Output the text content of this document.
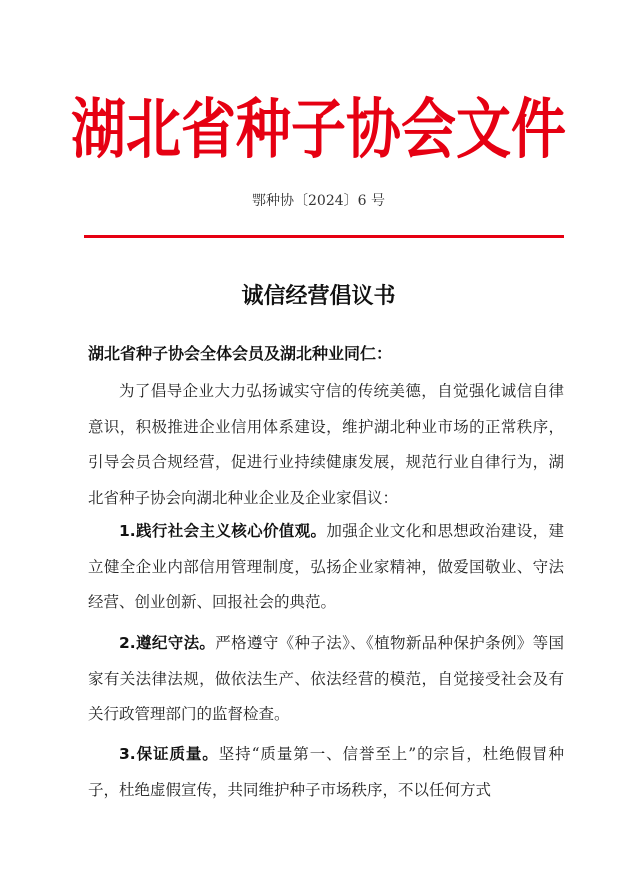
湖北省种子协会文件
鄂种协〔2024〕6 号
诚信经营倡议书
湖北省种子协会全体会员及湖北种业同仁：

为了倡导企业大力弘扬诚实守信的传统美德，自觉强化诚信自律意识，积极推进企业信用体系建设，维护湖北种业市场的正常秩序，引导会员合规经营，促进行业持续健康发展，规范行业自律行为，湖北省种子协会向湖北种业企业及企业家倡议：

1.践行社会主义核心价值观。加强企业文化和思想政治建设，建立健全企业内部信用管理制度，弘扬企业家精神，做爱国敬业、守法经营、创业创新、回报社会的典范。

2.遵纪守法。严格遵守《种子法》、《植物新品种保护条例》等国家有关法律法规，做依法生产、依法经营的模范，自觉接受社会及有关行政管理部门的监督检查。

3.保证质量。坚持“质量第一、信誉至上”的宗旨，杜绝假冒种子，杜绝虚假宣传，共同维护种子市场秩序，不以任何方式
